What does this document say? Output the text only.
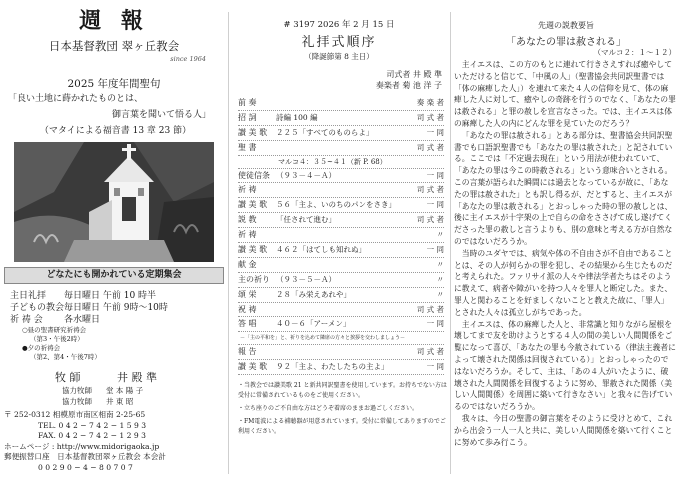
週 報
日本基督教団 翠ヶ丘教会
since 1964
2025 年度年間聖句
「良い土地に蒔かれたものとは、
御言葉を聞いて悟る人」
（マタイによる福音書 13 章 23 節）
どなたにも開かれている定期集会
主日礼拝 毎日曜日 午前 10 時半
子どもの教会毎日曜日 午前 9時～10時
祈 祷 会 各水曜日
○昼の聖書研究祈祷会
（第3・午後2時）
●夕の祈祷会
（第2、第4・午後7時）
牧 師	井 殿 準
協力牧師 堂 本 陽 子
協力牧師 井 東 昭
〒 252-0312 相模原市南区相南 2-25-65
TEL. 0 4 2 − 7 4 2 − 1 5 9 3
FAX. 0 4 2 − 7 4 2 − 1 2 9 3
ホームページ : http://www.midorigaoka.jp
郵便振替口座　 日本基督教団翠ヶ丘教会 本会計
0 0 2 9 0 − 4 − 8 0 7 0 7
# 3197 2026 年 2 月 15 日
礼拝式順序
（降誕節第 8 主日）
司式者 井 殿 準
奏楽者 菊 池 洋 子
前 奏	奏 楽 者
招 詞	詩編 100 編	司 式 者
讃 美 歌 ２２５「すべてのものらよ」	一 同
聖 書	司 式 者
マルコ４：３５~４１（新 P. 68）
使徒信条 （９３－４－Ａ）	一 同
祈 祷	司 式 者
讃 美 歌 ５６「主よ、いのちのパンをさき」	一 同
説 教	「任されて進む」	司 式 者
祈 祷	〃
讃 美 歌 ４６２「はてしも知れぬ」	一 同
献 金	〃
主の祈り （９３－５－Ａ）	〃
頌 栄	２８「み栄えあれや」	〃
祝 祷	司 式 者
答 唱	４０－６「アーメン」	一 同
－「主の平和を」と、祈りを込めて隣席の方々と挨拶を交わしましょう－
報 告	司 式 者
讃 美 歌 ９２「主よ、わたしたちの主よ」	一 同
・当教会では讃美歌 21 と新共同訳聖書を使用しています。お持ちでない方は受付に常備されているものをご使用ください。
・立ち座りのご不自由な方はどうぞ着席のままお過ごしください。
・FM電波による補聴器が用意されています。受付に常備してありますのでご利用ください。
先週の説教要旨
「あなたの罪は赦される」
（マルコ２：１～１２）

主イエスは、この方のもとに連れて行きさえすれば癒やしていただけると信じて、「中風の人」（聖書協会共同訳聖書では「体の麻痺した人」）を連れて来た４人の信仰を見て、体の麻痺した人に対して、癒やしの奇跡を行うのでなく、「あなたの罪は赦される」と罪の赦しを宣言なさった。では、主イエスは体の麻痺した人の内にどんな罪を見ていたのだろう？

「あなたの罪は赦される」とある部分は、聖書協会共同訳聖書でも口語訳聖書でも「あなたの罪は赦された」と記されている。ここでは「不定過去現在」という用法が使われていて、「あなたの罪は今この時赦される」という意味合いとされる。この言葉が語られた瞬間には過去となっているが故に、「あなたの罪は赦された」とも訳し得るが、だとすると、主イエスが「あなたの罪は赦される」とおっしゃった時の罪の赦しとは、後に主イエスが十字架の上で自らの命をささげて成し遂げてくださった罪の赦しと言うよりも、別の意味と考える方が自然なのではないだろうか。

当時のユダヤでは、病気や体の不自由さが不自由であることとは、その人が何らかの罪を犯し、その結果から生じたものだと考えられた。ファリサイ派の人々や律法学者たちはそのように教えて、病者や障がいを持つ人々を罪人と断定した。また、罪人と関わることを好ましくないことと教えた故に、「罪人」とされた人々は孤立しがちであった。

主イエスは、体の麻痺した人と、非常識と知りながら屋根を壊してまで友を助けようとする４人の間の美しい人間関係をご覧になって喜び、「あなたの罪も今赦されている（律法主義者によって壊された関係は回復されている）」とおっしゃったのではないだろうか。そして、主は、「あの４人がいたように、破壊された人間関係を回復するように努め、罪赦された関係（美しい人間関係）を周囲に築いて行きなさい」と我々に告げているのではないだろうか。

我々は、今日の聖書の御言葉をそのように受けとめて、これから出会う一人一人と共に、美しい人間関係を築いて行くことに努めて歩み行こう。
